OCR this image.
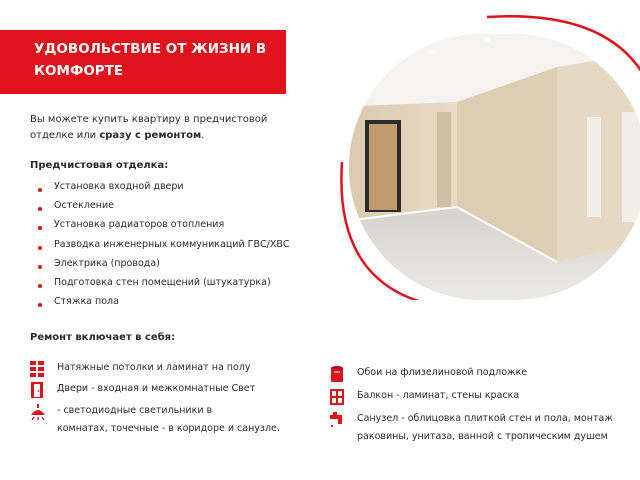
УДОВОЛЬСТВИЕ ОТ ЖИЗНИ В
КОМФОРТЕ
Вы можете купить квартиру в предчистовой
отделке или сразу с ремонтом.
Предчистовая отделка:
Установка входной двери
Остекление
Установка радиаторов отопления
Разводка инженерных коммуникаций ГВС/ХВС
Электрика (провода)
Подготовка стен помещений (штукатурка)
Стяжка пола
Ремонт включает в себя:
Натяжные потолки и ламинат на полу
Двери - входная и межкомнатные Свет
- светодиодные светильники в
комнатах, точечные - в коридоре и санузле.
Обои на флизелиновой подложке
Балкон - ламинат, стены краска
Санузел - облицовка плиткой стен и пола, монтаж
раковины, унитаза, ванной с тропическим душем
